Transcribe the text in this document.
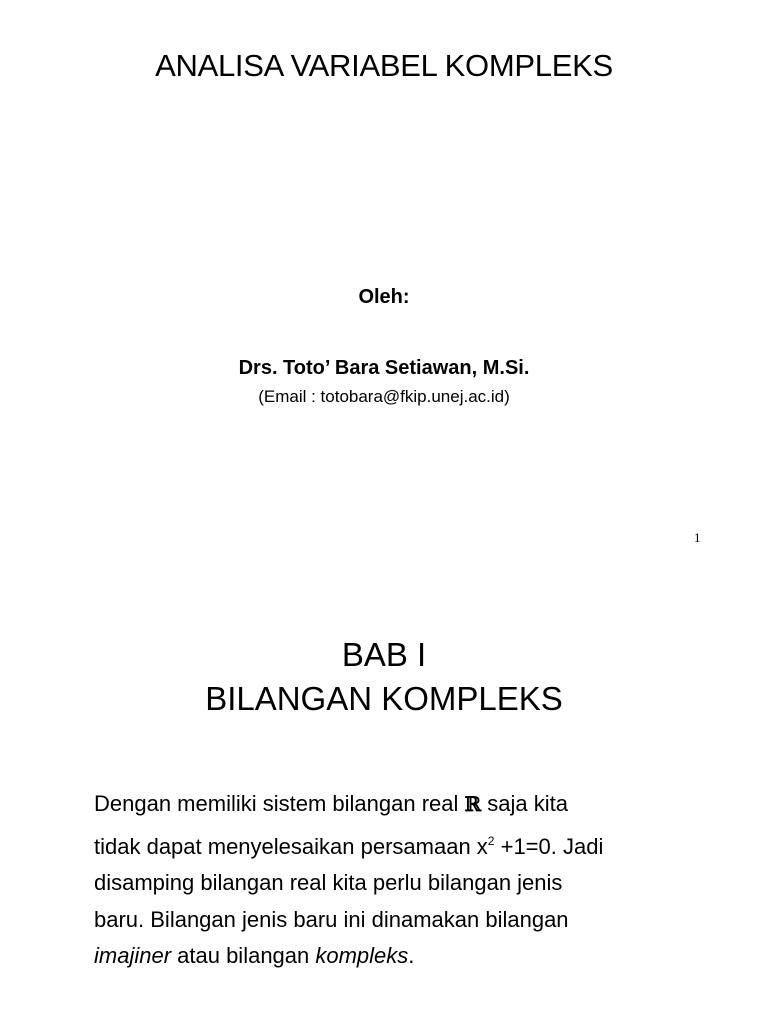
ANALISA VARIABEL KOMPLEKS
Oleh:
Drs. Toto’ Bara Setiawan, M.Si.
(Email : totobara@fkip.unej.ac.id)
1
BAB I
BILANGAN KOMPLEKS
Dengan memiliki sistem bilangan real ℝ saja kita
tidak dapat menyelesaikan persamaan $x^2 +1=0$. Jadi
disamping bilangan real kita perlu bilangan jenis
baru. Bilangan jenis baru ini dinamakan bilangan
imajiner atau bilangan kompleks.
